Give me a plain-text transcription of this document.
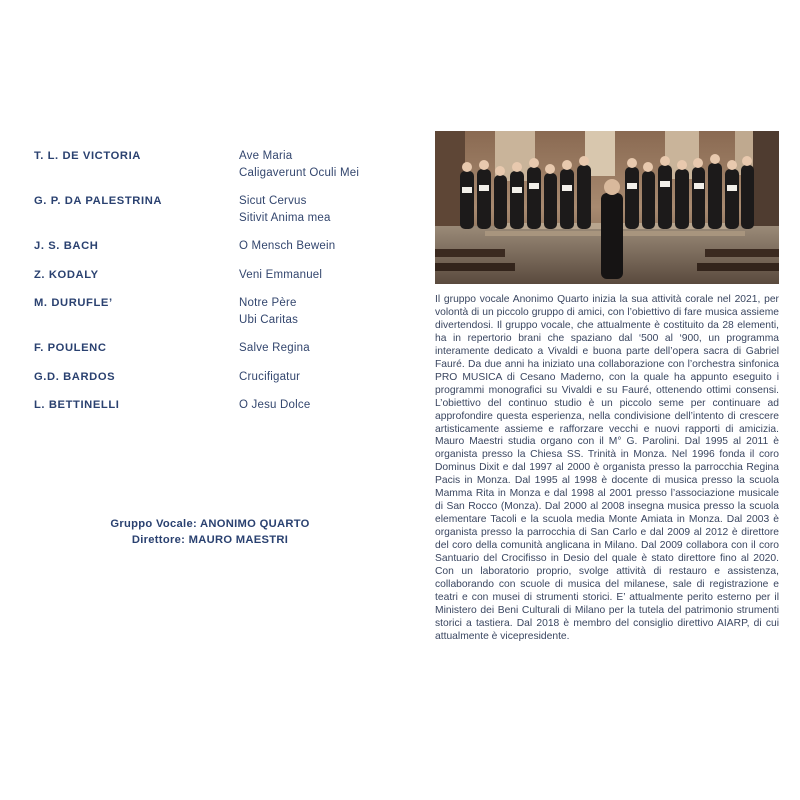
T. L. DE VICTORIA	Ave Maria
Caligaverunt Oculi Mei
G. P. DA PALESTRINA	Sicut Cervus
Sitivit Anima mea
J. S. BACH	O Mensch Bewein
Z. KODALY	Veni Emmanuel
M. DURUFLE’	Notre Père
Ubi Caritas
F. POULENC	Salve Regina
G.D. BARDOS	Crucifigatur
L. BETTINELLI	O Jesu Dolce
Gruppo Vocale: ANONIMO QUARTO
Direttore: MAURO MAESTRI
Il gruppo vocale Anonimo Quarto inizia la sua attività corale nel 2021, per volontà di un piccolo gruppo di amici, con l’obiettivo di fare musica assieme divertendosi. Il gruppo vocale, che attualmente è costituito da 28 elementi, ha in repertorio brani che spaziano dal ‘500 al ‘900, un programma interamente dedicato a Vivaldi e buona parte dell’opera sacra di Gabriel Fauré. Da due anni ha iniziato una collaborazione con l’orchestra sinfonica PRO MUSICA di Cesano Maderno, con la quale ha appunto eseguito i programmi monografici su Vivaldi e su Fauré, ottenendo ottimi consensi. L’obiettivo del continuo studio è un piccolo seme per continuare ad approfondire questa esperienza, nella condivisione dell’intento di crescere artisticamente assieme e rafforzare vecchi e nuovi rapporti di amicizia. Mauro Maestri studia organo con il M° G. Parolini. Dal 1995 al 2011 è organista presso la Chiesa SS. Trinità in Monza. Nel 1996 fonda il coro Dominus Dixit e dal 1997 al 2000 è organista presso la parrocchia Regina Pacis in Monza. Dal 1995 al 1998 è docente di musica presso la scuola Mamma Rita in Monza e dal 1998 al 2001 presso l’associazione musicale di San Rocco (Monza). Dal 2000 al 2008 insegna musica presso la scuola elementare Tacoli e la scuola media Monte Amiata in Monza. Dal 2003 è organista presso la parrocchia di San Carlo e dal 2009 al 2012 è direttore del coro della comunità anglicana in Milano. Dal 2009 collabora con il coro Santuario del Crocifisso in Desio del quale è stato direttore fino al 2020. Con un laboratorio proprio, svolge attività di restauro e assistenza, collaborando con scuole di musica del milanese, sale di registrazione e teatri e con musei di strumenti storici. E’ attualmente perito esterno per il Ministero dei Beni Culturali di Milano per la tutela del patrimonio strumenti storici a tastiera. Dal 2018 è membro del consiglio direttivo AIARP, di cui attualmente è vicepresidente.
